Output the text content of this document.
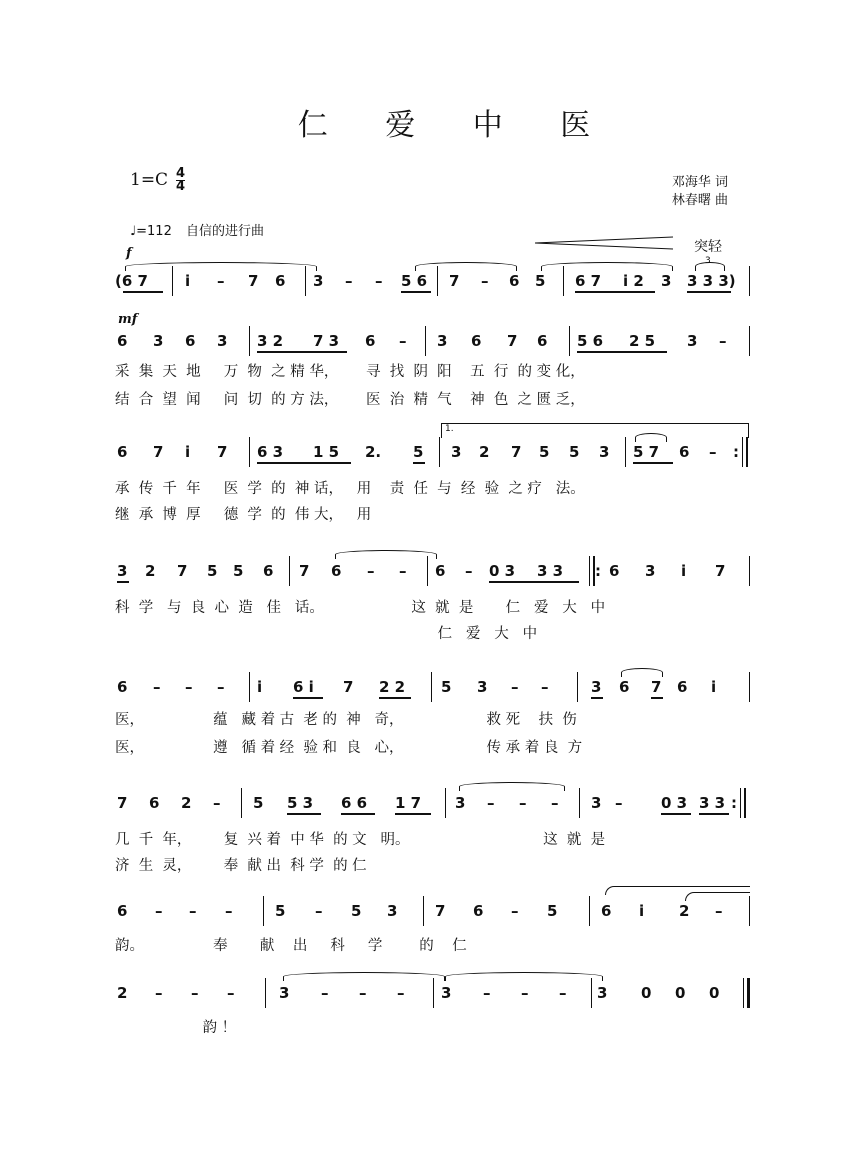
仁 爱 中 医
1=C 4
4	邓海华 词
林春曙 曲
♩=112 自信的进行曲
f
mf
突轻
(6 7 i – 7 6 3 – – 5 6 7 – 6 5 6 7 i 2 3 3 3 3)
3
6 3 6 3 3 2 7 3 6 – 3 6 7 6 5 6 2 5 3 –
采  集  天  地     万  物  之 精 华，      寻  找  阴  阳    五  行  的 变 化，
结  合  望  闻     问  切  的 方 法，      医  治  精  气    神  色  之 匮 乏，
1.
6 7 i 7 6 3 1 5 2. 5 3 2 7 5 5 3 5 7 6 – :
承  传  千  年     医  学  的  神 话，   用    责  任  与  经  验  之 疗   法。
继  承  博  厚     德  学  的  伟 大，   用
3 2 7 5 5 6 7 6 – – 6 – 0 3 3 3 : 6 3 i 7
科  学   与  良  心  造   佳   话。                   这  就  是       仁   爱   大   中
仁   爱   大   中
6 – – – i 6 i 7 2 2 5 3 – –	3 6 7 6 i
医，               蕴   藏 着 古  老 的  神   奇，                  救 死    扶  伤
医，               遵   循 着 经  验 和  良   心，                  传 承 着 良  方
7 6 2 – 5 5 3 6 6 1 7 3 – – – 3 –	0 3 3 3 :
几  千  年，       复  兴 着  中 华  的 文   明。                             这  就  是
济  生  灵，       奉  献 出  科 学  的 仁
6 – – –	5 – 5 3	7 6 – 5	6 i 2 –
韵。               奉       献    出     科     学        的    仁
2 – – –	3 – – – 3 – – – 3 0 0 0
韵 ！
